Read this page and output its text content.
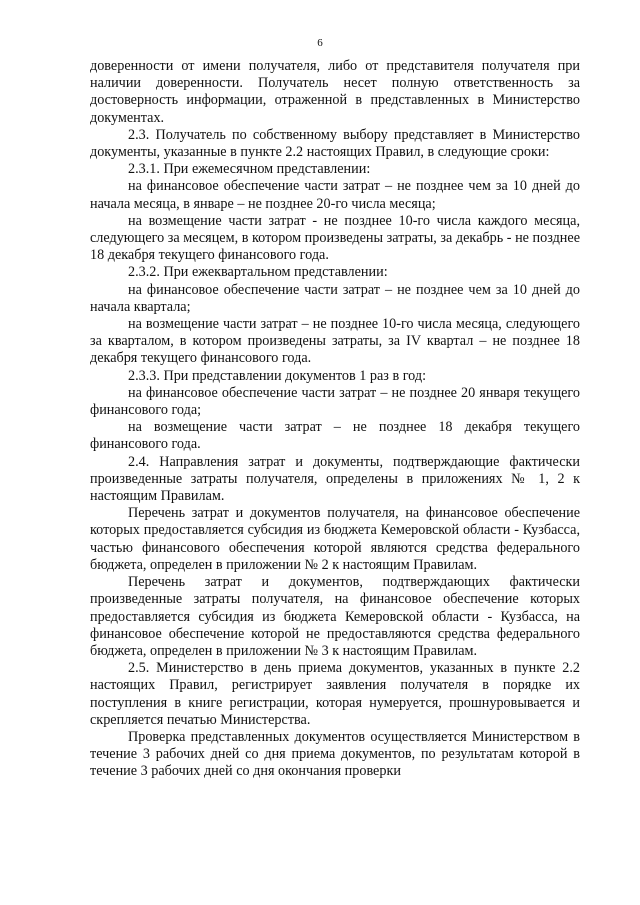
6

доверенности от имени получателя, либо от представителя получателя при наличии доверенности. Получатель несет полную ответственность за достоверность информации, отраженной в представленных в Министерство документах.

2.3. Получатель по собственному выбору представляет в Министерство документы, указанные в пункте 2.2 настоящих Правил, в следующие сроки:

2.3.1. При ежемесячном представлении:

на финансовое обеспечение части затрат – не позднее чем за 10 дней до начала месяца, в январе – не позднее 20-го числа месяца;

на возмещение части затрат - не позднее 10-го числа каждого месяца, следующего за месяцем, в котором произведены затраты, за декабрь - не позднее 18 декабря текущего финансового года.

2.3.2. При ежеквартальном представлении:

на финансовое обеспечение части затрат – не позднее чем за 10 дней до начала квартала;

на возмещение части затрат – не позднее 10-го числа месяца, следующего за кварталом, в котором произведены затраты, за IV квартал – не позднее 18 декабря текущего финансового года.

2.3.3. При представлении документов 1 раз в год:

на финансовое обеспечение части затрат – не позднее 20 января текущего финансового года;

на возмещение части затрат – не позднее 18 декабря текущего финансового года.

2.4. Направления затрат и документы, подтверждающие фактически произведенные затраты получателя, определены в приложениях № 1, 2 к настоящим Правилам.

Перечень затрат и документов получателя, на финансовое обеспечение которых предоставляется субсидия из бюджета Кемеровской области - Кузбасса, частью финансового обеспечения которой являются средства федерального бюджета, определен в приложении № 2 к настоящим Правилам.

Перечень затрат и документов, подтверждающих фактически произведенные затраты получателя, на финансовое обеспечение которых предоставляется субсидия из бюджета Кемеровской области - Кузбасса, на финансовое обеспечение которой не предоставляются средства федерального бюджета, определен в приложении № 3 к настоящим Правилам.

2.5. Министерство в день приема документов, указанных в пункте 2.2 настоящих Правил, регистрирует заявления получателя в порядке их поступления в книге регистрации, которая нумеруется, прошнуровывается и скрепляется печатью Министерства.

Проверка представленных документов осуществляется Министерством в течение 3 рабочих дней со дня приема документов, по результатам которой в течение 3 рабочих дней со дня окончания проверки
